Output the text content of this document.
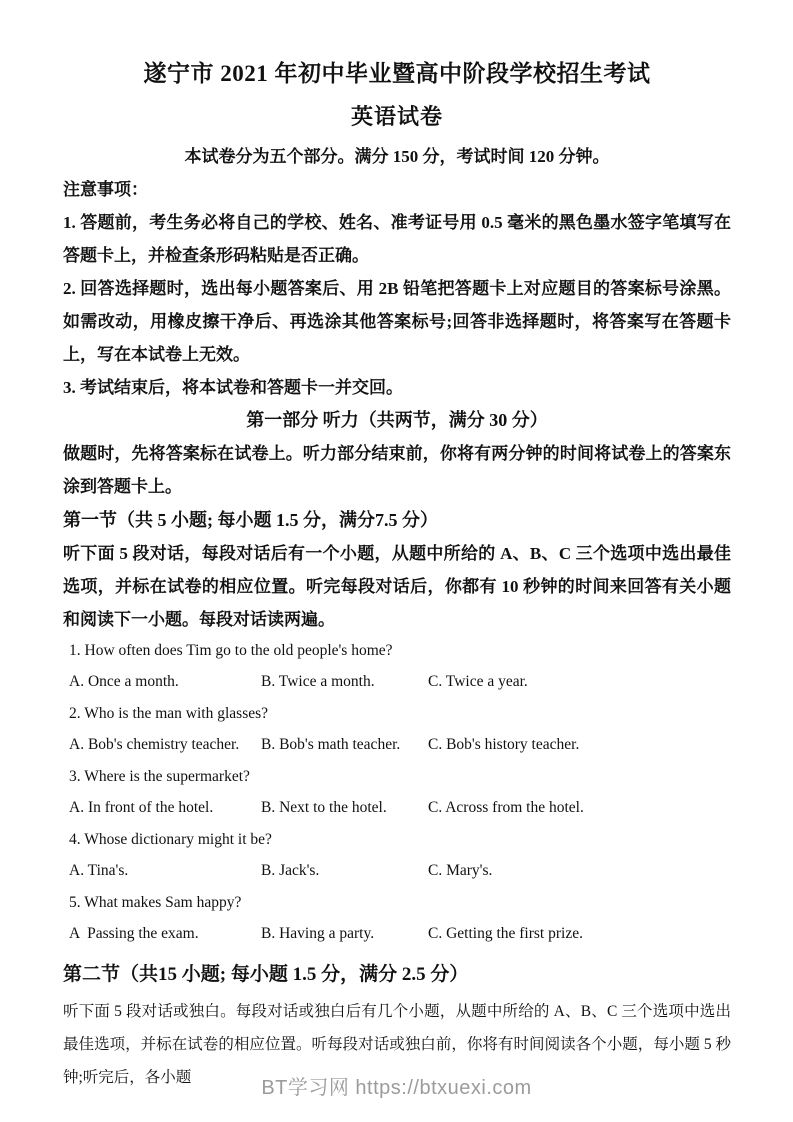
遂宁市 2021 年初中毕业暨高中阶段学校招生考试
英语试卷

本试卷分为五个部分。满分 150 分，考试时间 120 分钟。

注意事项：

1. 答题前，考生务必将自己的学校、姓名、准考证号用 0.5 毫米的黑色墨水签字笔填写在答题卡上，并检查条形码粘贴是否正确。

2. 回答选择题时，选出每小题答案后、用 2B 铅笔把答题卡上对应题目的答案标号涂黑。如需改动，用橡皮擦干净后、再选涂其他答案标号;回答非选择题时，将答案写在答题卡上，写在本试卷上无效。

3. 考试结束后，将本试卷和答题卡一并交回。

第一部分 听力（共两节，满分 30 分）

做题时，先将答案标在试卷上。听力部分结束前，你将有两分钟的时间将试卷上的答案东涂到答题卡上。

第一节（共 5 小题; 每小题 1.5 分，满分7.5 分）

听下面 5 段对话，每段对话后有一个小题，从题中所给的 A、B、C 三个选项中选出最佳选项，并标在试卷的相应位置。听完每段对话后，你都有 10 秒钟的时间来回答有关小题和阅读下一小题。每段对话读两遍。

1. How often does Tim go to the old people's home?

A. Once a month.	B. Twice a month.	C. Twice a year.

2. Who is the man with glasses?

A. Bob's chemistry teacher.	B. Bob's math teacher.	C. Bob's history teacher.

3. Where is the supermarket?

A. In front of the hotel.	B. Next to the hotel.	C. Across from the hotel.

4. Whose dictionary might it be?

A. Tina's.	B. Jack's.	C. Mary's.

5. What makes Sam happy?

A  Passing the exam.	B. Having a party.	C. Getting the first prize.

第二节（共15 小题; 每小题 1.5 分，满分 2.5 分）

听下面 5 段对话或独白。每段对话或独白后有几个小题，从题中所给的 A、B、C 三个选项中选出最佳选项，并标在试卷的相应位置。听每段对话或独白前，你将有时间阅读各个小题，每小题 5 秒钟;听完后，各小题	BT学习网 https://btxuexi.com
